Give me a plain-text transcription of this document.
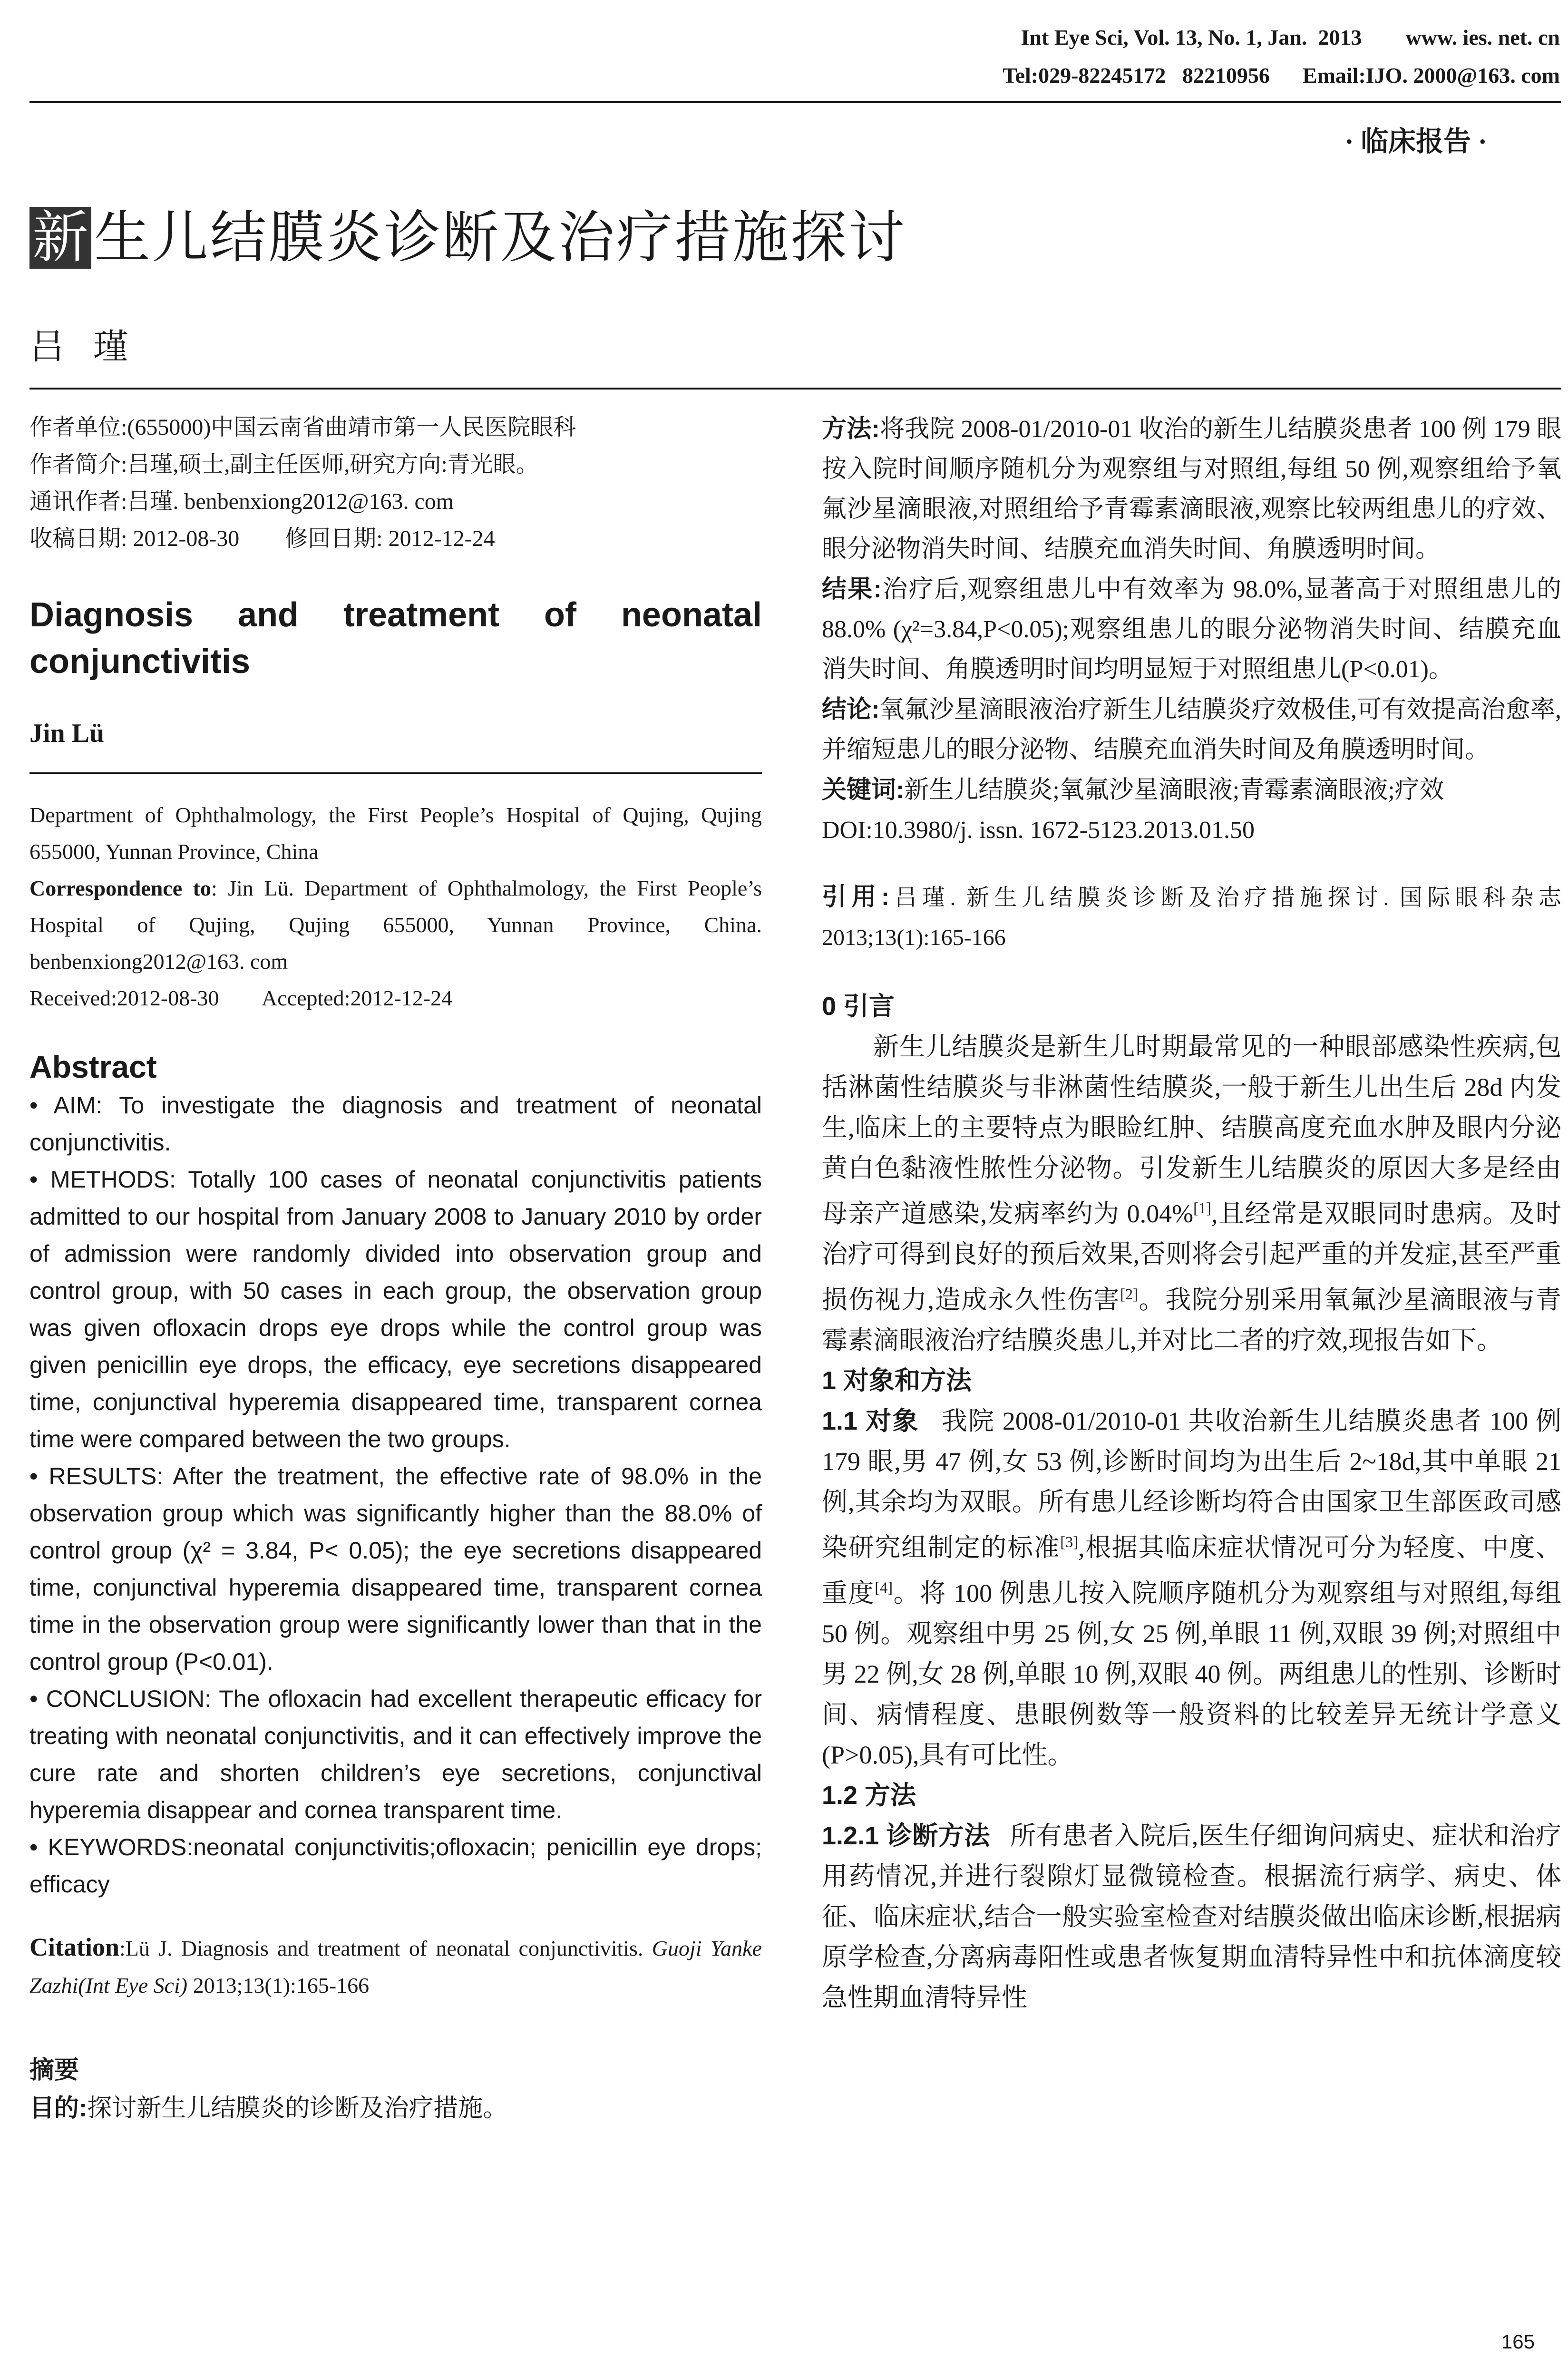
Int Eye Sci, Vol. 13, No. 1, Jan.  2013        www. ies. net. cn
Tel:029-82245172   82210956      Email:IJO. 2000@163. com
· 临床报告 ·
新 生儿结膜炎诊断及治疗措施探讨
吕瑾
作者单位:(655000)中国云南省曲靖市第一人民医院眼科
作者简介:吕瑾,硕士,副主任医师,研究方向:青光眼。
通讯作者:吕瑾. benbenxiong2012@163. com
收稿日期: 2012-08-30        修回日期: 2012-12-24
Diagnosis and treatment of neonatal
conjunctivitis
Jin Lü
Department of Ophthalmology, the First People’s Hospital of Qujing, Qujing 655000, Yunnan Province, China
Correspondence to: Jin Lü. Department of Ophthalmology, the First People’s Hospital of Qujing, Qujing 655000, Yunnan Province, China. benbenxiong2012@163. com
Received:2012-08-30        Accepted:2012-12-24
Abstract

• AIM: To investigate the diagnosis and treatment of neonatal conjunctivitis.

• METHODS: Totally 100 cases of neonatal conjunctivitis patients admitted to our hospital from January 2008 to January 2010 by order of admission were randomly divided into observation group and control group, with 50 cases in each group, the observation group was given ofloxacin drops eye drops while the control group was given penicillin eye drops, the efficacy, eye secretions disappeared time, conjunctival hyperemia disappeared time, transparent cornea time were compared between the two groups.

• RESULTS: After the treatment, the effective rate of 98.0% in the observation group which was significantly higher than the 88.0% of control group (χ² = 3.84, P< 0.05); the eye secretions disappeared time, conjunctival hyperemia disappeared time, transparent cornea time in the observation group were significantly lower than that in the control group (P<0.01).

• CONCLUSION: The ofloxacin had excellent therapeutic efficacy for treating with neonatal conjunctivitis, and it can effectively improve the cure rate and shorten children’s eye secretions, conjunctival hyperemia disappear and cornea transparent time.

• KEYWORDS:neonatal conjunctivitis;ofloxacin; penicillin eye drops; efficacy

Citation:Lü J. Diagnosis and treatment of neonatal conjunctivitis. Guoji Yanke Zazhi(Int Eye Sci) 2013;13(1):165-166
摘要

目的:探讨新生儿结膜炎的诊断及治疗措施。

方法:将我院 2008-01/2010-01 收治的新生儿结膜炎患者 100 例 179 眼按入院时间顺序随机分为观察组与对照组,每组 50 例,观察组给予氧氟沙星滴眼液,对照组给予青霉素滴眼液,观察比较两组患儿的疗效、眼分泌物消失时间、结膜充血消失时间、角膜透明时间。

结果:治疗后,观察组患儿中有效率为 98.0%,显著高于对照组患儿的 88.0% (χ²=3.84,P<0.05);观察组患儿的眼分泌物消失时间、结膜充血消失时间、角膜透明时间均明显短于对照组患儿(P<0.01)。

结论:氧氟沙星滴眼液治疗新生儿结膜炎疗效极佳,可有效提高治愈率,并缩短患儿的眼分泌物、结膜充血消失时间及角膜透明时间。

关键词:新生儿结膜炎;氧氟沙星滴眼液;青霉素滴眼液;疗效

DOI:10.3980/j. issn. 1672-5123.2013.01.50

引用:吕瑾. 新生儿结膜炎诊断及治疗措施探讨. 国际眼科杂志 2013;13(1):165-166

0 引言

新生儿结膜炎是新生儿时期最常见的一种眼部感染性疾病,包括淋菌性结膜炎与非淋菌性结膜炎,一般于新生儿出生后 28d 内发生,临床上的主要特点为眼睑红肿、结膜高度充血水肿及眼内分泌黄白色黏液性脓性分泌物。引发新生儿结膜炎的原因大多是经由母亲产道感染,发病率约为 0.04%[1],且经常是双眼同时患病。及时治疗可得到良好的预后效果,否则将会引起严重的并发症,甚至严重损伤视力,造成永久性伤害[2]。我院分别采用氧氟沙星滴眼液与青霉素滴眼液治疗结膜炎患儿,并对比二者的疗效,现报告如下。

1 对象和方法

1.1 对象   我院 2008-01/2010-01 共收治新生儿结膜炎患者 100 例 179 眼,男 47 例,女 53 例,诊断时间均为出生后 2~18d,其中单眼 21 例,其余均为双眼。所有患儿经诊断均符合由国家卫生部医政司感染研究组制定的标准[3],根据其临床症状情况可分为轻度、中度、重度[4]。将 100 例患儿按入院顺序随机分为观察组与对照组,每组 50 例。观察组中男 25 例,女 25 例,单眼 11 例,双眼 39 例;对照组中男 22 例,女 28 例,单眼 10 例,双眼 40 例。两组患儿的性别、诊断时间、病情程度、患眼例数等一般资料的比较差异无统计学意义(P>0.05),具有可比性。

1.2 方法

1.2.1 诊断方法   所有患者入院后,医生仔细询问病史、症状和治疗用药情况,并进行裂隙灯显微镜检查。根据流行病学、病史、体征、临床症状,结合一般实验室检查对结膜炎做出临床诊断,根据病原学检查,分离病毒阳性或患者恢复期血清特异性中和抗体滴度较急性期血清特异性

165
